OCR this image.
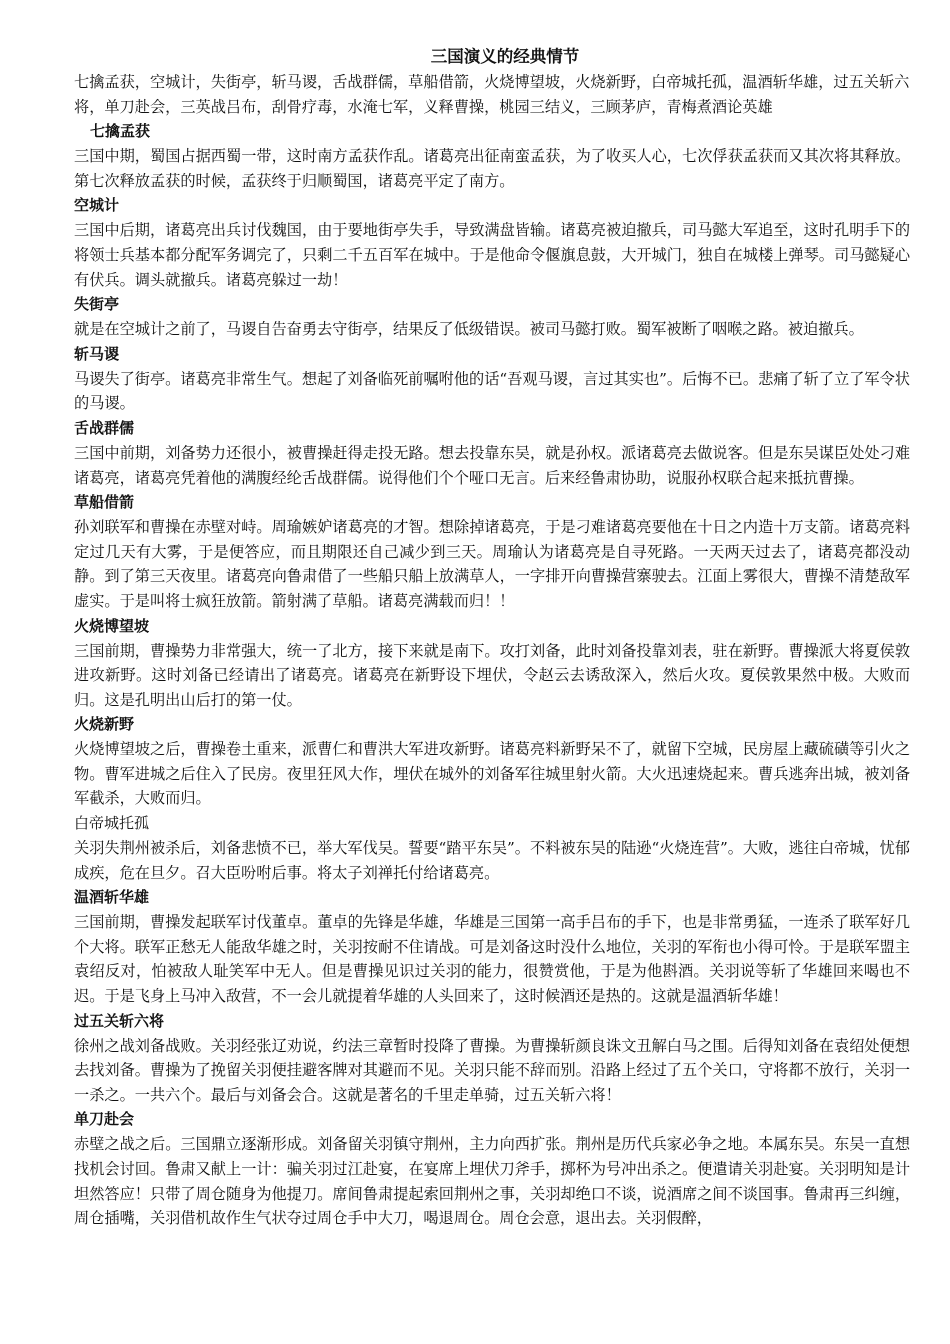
三国演义的经典情节

七擒孟获，空城计，失街亭，斩马谡，舌战群儒，草船借箭，火烧博望坡，火烧新野，白帝城托孤，温酒斩华雄，过五关斩六将，单刀赴会，三英战吕布，刮骨疗毒，水淹七军，义释曹操，桃园三结义，三顾茅庐，青梅煮酒论英雄

七擒孟获

三国中期，蜀国占据西蜀一带，这时南方孟获作乱。诸葛亮出征南蛮孟获，为了收买人心，七次俘获孟获而又其次将其释放。第七次释放孟获的时候，孟获终于归顺蜀国，诸葛亮平定了南方。

空城计

三国中后期，诸葛亮出兵讨伐魏国，由于要地街亭失手，导致满盘皆输。诸葛亮被迫撤兵，司马懿大军追至，这时孔明手下的将领士兵基本都分配军务调完了，只剩二千五百军在城中。于是他命令偃旗息鼓，大开城门，独自在城楼上弹琴。司马懿疑心有伏兵。调头就撤兵。诸葛亮躲过一劫！

失街亭

就是在空城计之前了，马谡自告奋勇去守街亭，结果反了低级错误。被司马懿打败。蜀军被断了咽喉之路。被迫撤兵。

斩马谡

马谡失了街亭。诸葛亮非常生气。想起了刘备临死前嘱咐他的话“吾观马谡，言过其实也”。后悔不已。悲痛了斩了立了军令状的马谡。

舌战群儒

三国中前期，刘备势力还很小，被曹操赶得走投无路。想去投靠东吴，就是孙权。派诸葛亮去做说客。但是东吴谋臣处处刁难诸葛亮，诸葛亮凭着他的满腹经纶舌战群儒。说得他们个个哑口无言。后来经鲁肃协助，说服孙权联合起来抵抗曹操。

草船借箭

孙刘联军和曹操在赤壁对峙。周瑜嫉妒诸葛亮的才智。想除掉诸葛亮，于是刁难诸葛亮要他在十日之内造十万支箭。诸葛亮料定过几天有大雾，于是便答应，而且期限还自己减少到三天。周瑜认为诸葛亮是自寻死路。一天两天过去了，诸葛亮都没动静。到了第三天夜里。诸葛亮向鲁肃借了一些船只船上放满草人，一字排开向曹操营寨驶去。江面上雾很大，曹操不清楚敌军虚实。于是叫将士疯狂放箭。箭射满了草船。诸葛亮满载而归！！

火烧博望坡

三国前期，曹操势力非常强大，统一了北方，接下来就是南下。攻打刘备，此时刘备投靠刘表，驻在新野。曹操派大将夏侯敦进攻新野。这时刘备已经请出了诸葛亮。诸葛亮在新野设下埋伏，令赵云去诱敌深入，然后火攻。夏侯敦果然中极。大败而归。这是孔明出山后打的第一仗。

火烧新野

火烧博望坡之后，曹操卷土重来，派曹仁和曹洪大军进攻新野。诸葛亮料新野呆不了，就留下空城，民房屋上藏硫磺等引火之物。曹军进城之后住入了民房。夜里狂风大作，埋伏在城外的刘备军往城里射火箭。大火迅速烧起来。曹兵逃奔出城，被刘备军截杀，大败而归。

白帝城托孤

关羽失荆州被杀后，刘备悲愤不已，举大军伐吴。誓要“踏平东吴”。不料被东吴的陆逊“火烧连营”。大败，逃往白帝城，忧郁成疾，危在旦夕。召大臣吩咐后事。将太子刘禅托付给诸葛亮。

温酒斩华雄

三国前期，曹操发起联军讨伐董卓。董卓的先锋是华雄，华雄是三国第一高手吕布的手下，也是非常勇猛，一连杀了联军好几个大将。联军正愁无人能敌华雄之时，关羽按耐不住请战。可是刘备这时没什么地位，关羽的军衔也小得可怜。于是联军盟主袁绍反对，怕被敌人耻笑军中无人。但是曹操见识过关羽的能力，很赞赏他，于是为他斟酒。关羽说等斩了华雄回来喝也不迟。于是飞身上马冲入敌营，不一会儿就提着华雄的人头回来了，这时候酒还是热的。这就是温酒斩华雄！

过五关斩六将

徐州之战刘备战败。关羽经张辽劝说，约法三章暂时投降了曹操。为曹操斩颜良诛文丑解白马之围。后得知刘备在袁绍处便想去找刘备。曹操为了挽留关羽便挂避客牌对其避而不见。关羽只能不辞而别。沿路上经过了五个关口，守将都不放行，关羽一一杀之。一共六个。最后与刘备会合。这就是著名的千里走单骑，过五关斩六将！

单刀赴会

赤壁之战之后。三国鼎立逐渐形成。刘备留关羽镇守荆州，主力向西扩张。荆州是历代兵家必争之地。本属东吴。东吴一直想找机会讨回。鲁肃又献上一计：骗关羽过江赴宴，在宴席上埋伏刀斧手，掷杯为号冲出杀之。便遣请关羽赴宴。关羽明知是计坦然答应！只带了周仓随身为他提刀。席间鲁肃提起索回荆州之事，关羽却绝口不谈，说酒席之间不谈国事。鲁肃再三纠缠，周仓插嘴，关羽借机故作生气状夺过周仓手中大刀，喝退周仓。周仓会意，退出去。关羽假醉，
